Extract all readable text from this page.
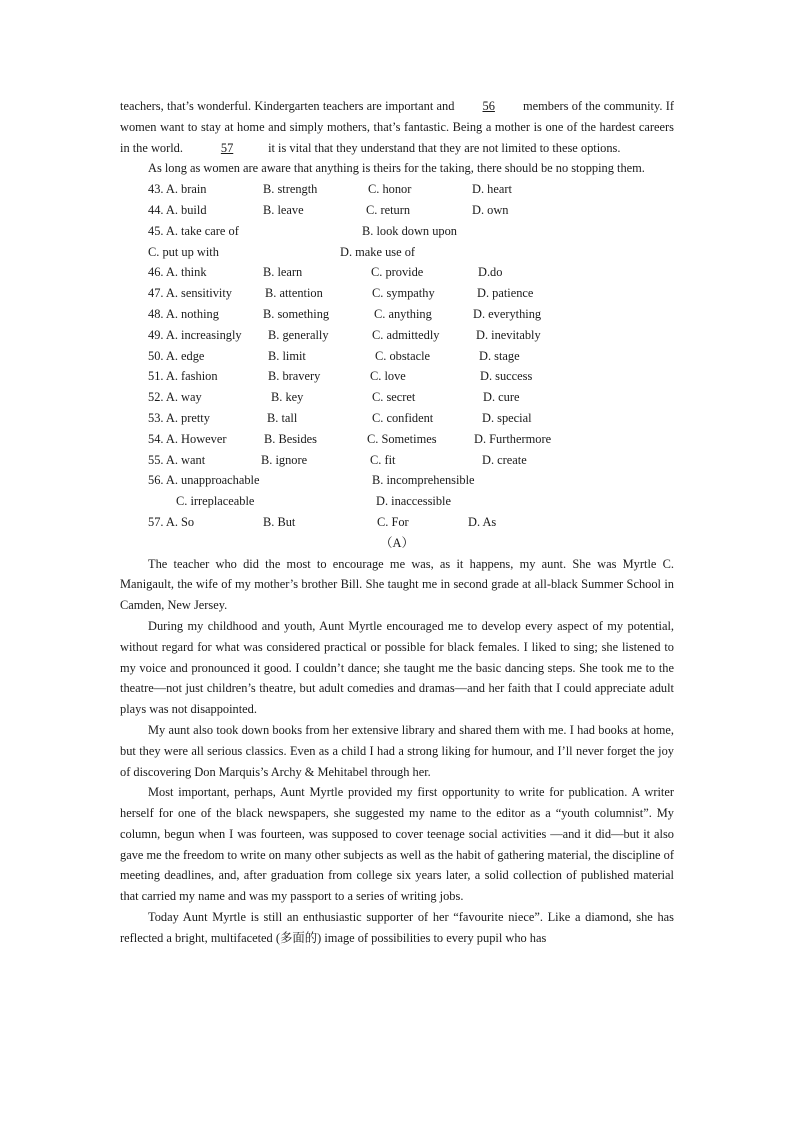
teachers, that’s wonderful. Kindergarten teachers are important and 56 members of the community. If women want to stay at home and simply mothers, that’s fantastic. Being a mother is one of the hardest careers in the world.	57	it is vital that they understand that they are not limited to these options.

As long as women are aware that anything is theirs for the taking, there should be no stopping them.

43. A. brain	B. strength	C. honor	D. heart
44. A. build	B. leave	C. return	D. own
45. A. take care of	B. look down upon
C. put up with	D. make use of
46. A. think	B. learn	C. provide	D.do
47. A. sensitivity	B. attention	C. sympathy	D. patience
48. A. nothing	B. something	C. anything	D. everything
49. A. increasingly B. generally	C. admittedly	D. inevitably
50. A. edge	B. limit	C. obstacle	D. stage
51. A. fashion	B. bravery	C. love	D. success
52. A. way	B. key	C. secret	D. cure
53. A. pretty	B. tall	C. confident	D. special
54. A. However	B. Besides	C. Sometimes	D. Furthermore
55. A. want	B. ignore	C. fit	D. create
56. A. unapproachable	B. incomprehensible
C. irreplaceable	D. inaccessible
57. A. So	B. But	C. For	D. As
（A）

The teacher who did the most to encourage me was, as it happens, my aunt. She was Myrtle C. Manigault, the wife of my mother’s brother Bill. She taught me in second grade at all-black Summer School in Camden, New Jersey.

During my childhood and youth, Aunt Myrtle encouraged me to develop every aspect of my potential, without regard for what was considered practical or possible for black females. I liked to sing; she listened to my voice and pronounced it good. I couldn’t dance; she taught me the basic dancing steps. She took me to the theatre—not just children’s theatre, but adult comedies and dramas—and her faith that I could appreciate adult plays was not disappointed.

My aunt also took down books from her extensive library and shared them with me. I had books at home, but they were all serious classics. Even as a child I had a strong liking for humour, and I’ll never forget the joy of discovering Don Marquis’s Archy & Mehitabel through her.

Most important, perhaps, Aunt Myrtle provided my first opportunity to write for publication. A writer herself for one of the black newspapers, she suggested my name to the editor as a “youth columnist”. My column, begun when I was fourteen, was supposed to cover teenage social activities —and it did—but it also gave me the freedom to write on many other subjects as well as the habit of gathering material, the discipline of meeting deadlines, and, after graduation from college six years later, a solid collection of published material that carried my name and was my passport to a series of writing jobs.

Today Aunt Myrtle is still an enthusiastic supporter of her “favourite niece”. Like a diamond, she has reflected a bright, multifaceted (多面的) image of possibilities to every pupil who has
